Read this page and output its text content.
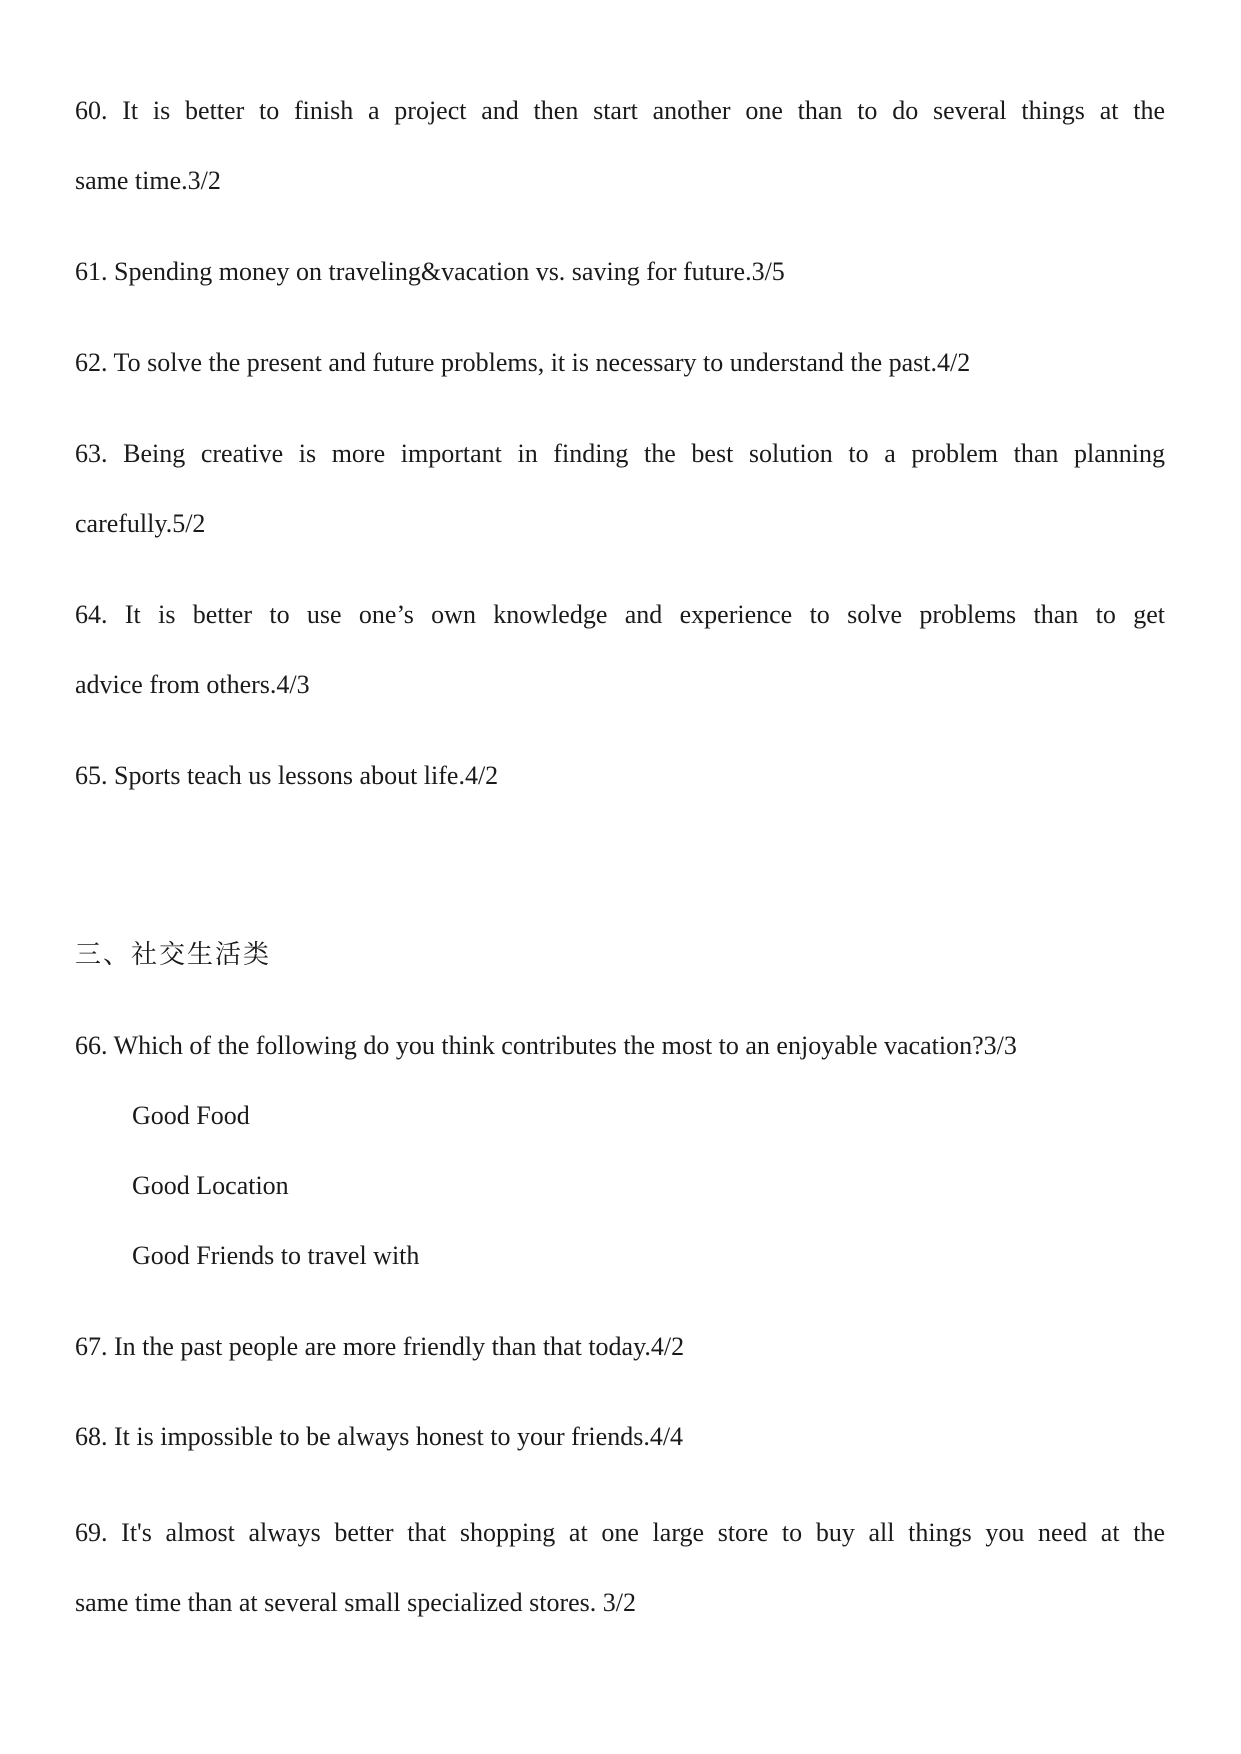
60. It is better to finish a project and then start another one than to do several things at the
same time.3/2
61. Spending money on traveling&vacation vs. saving for future.3/5
62. To solve the present and future problems, it is necessary to understand the past.4/2
63. Being creative is more important in finding the best solution to a problem than planning
carefully.5/2
64. It is better to use one’s own knowledge and experience to solve problems than to get
advice from others.4/3
65. Sports teach us lessons about life.4/2
三、社交生活类
66. Which of the following do you think contributes the most to an enjoyable vacation?3/3
Good Food
Good Location
Good Friends to travel with
67. In the past people are more friendly than that today.4/2
68. It is impossible to be always honest to your friends.4/4
69. It's almost always better that shopping at one large store to buy all things you need at the
same time than at several small specialized stores. 3/2
